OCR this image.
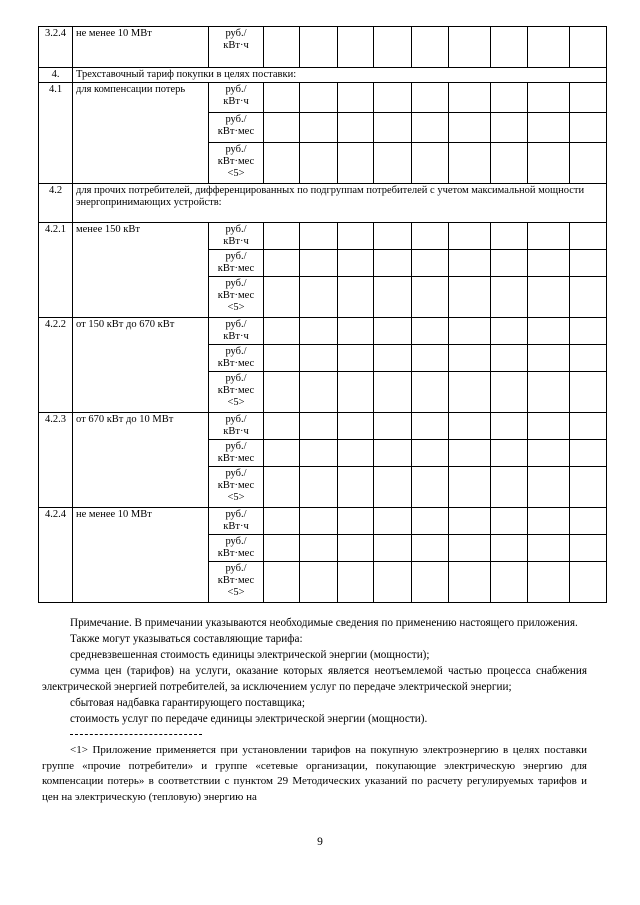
3.2.4	не менее 10 МВт	руб./ кВт·ч									
4.	Трехставочный тариф покупки в целях поставки:										
4.1	для компенсации потерь	руб./ кВт·ч									
		руб./ кВт·мес									
		руб./ кВт·мес <5>									
4.2	для прочих потребителей, дифференцированных по подгруппам потребителей с учетом максимальной мощности энергопринимающих устройств:										
4.2.1	менее 150 кВт	руб./ кВт·ч									
		руб./ кВт·мес									
		руб./ кВт·мес <5>									
4.2.2	от 150 кВт до 670 кВт	руб./ кВт·ч									
		руб./ кВт·мес									
		руб./ кВт·мес <5>									
4.2.3	от 670 кВт до 10 МВт	руб./ кВт·ч									
		руб./ кВт·мес									
		руб./ кВт·мес <5>									
4.2.4	не менее 10 МВт	руб./ кВт·ч									
		руб./ кВт·мес									
		руб./ кВт·мес <5>									

Примечание. В примечании указываются необходимые сведения по применению настоящего приложения.

Также могут указываться составляющие тарифа:

средневзвешенная стоимость единицы электрической энергии (мощности);

сумма цен (тарифов) на услуги, оказание которых является неотъемлемой частью процесса снабжения электрической энергией потребителей, за исключением услуг по передаче электрической энергии;

сбытовая надбавка гарантирующего поставщика;

стоимость услуг по передаче единицы электрической энергии (мощности).

<1> Приложение применяется при установлении тарифов на покупную электроэнергию в целях поставки группе «прочие потребители» и группе «сетевые организации, покупающие электрическую энергию для компенсации потерь» в соответствии с пунктом 29 Методических указаний по расчету регулируемых тарифов и цен на электрическую (тепловую) энергию на

9
